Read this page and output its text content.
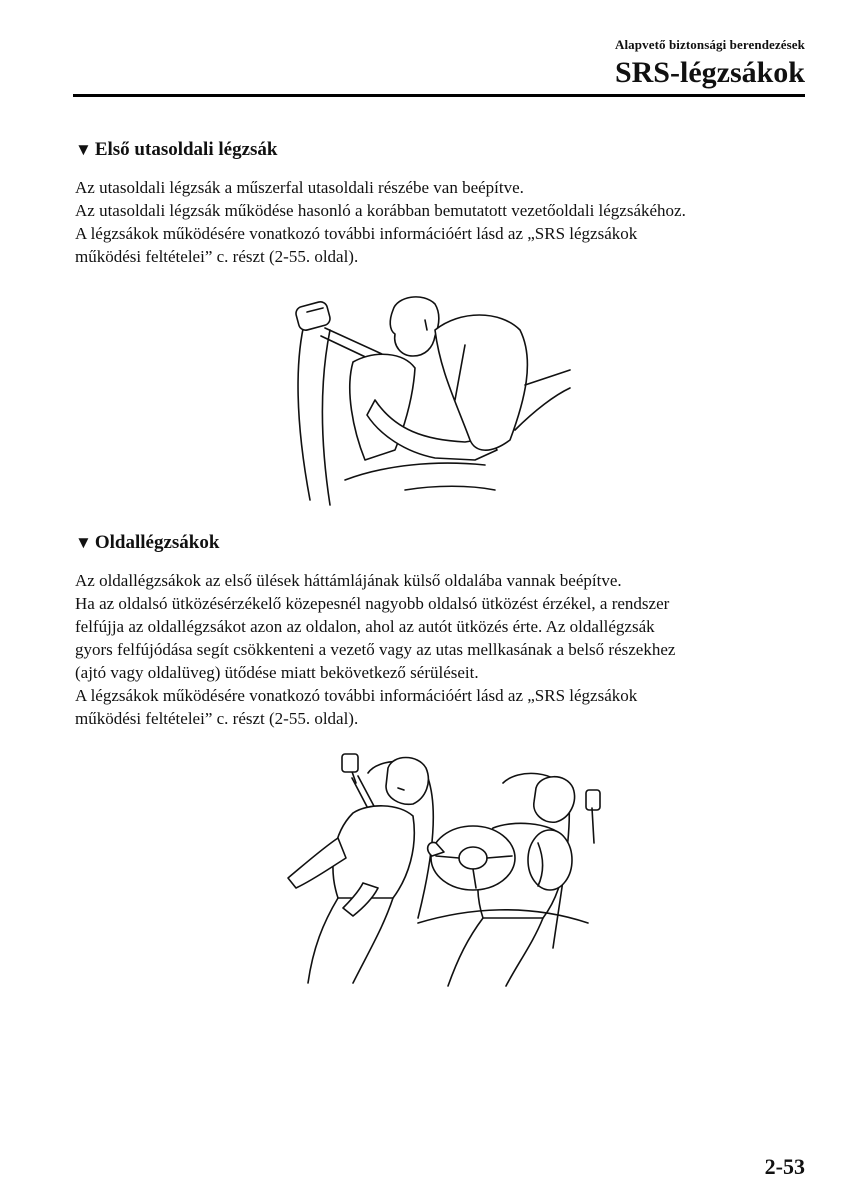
Alapvető biztonsági berendezések
SRS-légzsákok
▼ Első utasoldali légzsák
Az utasoldali légzsák a műszerfal utasoldali részébe van beépítve.
Az utasoldali légzsák működése hasonló a korábban bemutatott vezetőoldali légzsákéhoz.
A légzsákok működésére vonatkozó további információért lásd az „SRS légzsákok
működési feltételei” c. részt (2-55. oldal).
▼ Oldallégzsákok
Az oldallégzsákok az első ülések háttámlájának külső oldalába vannak beépítve.
Ha az oldalsó ütközésérzékelő közepesnél nagyobb oldalsó ütközést érzékel, a rendszer
felfújja az oldallégzsákot azon az oldalon, ahol az autót ütközés érte. Az oldallégzsák
gyors felfújódása segít csökkenteni a vezető vagy az utas mellkasának a belső részekhez
(ajtó vagy oldalüveg) ütődése miatt bekövetkező sérüléseit.
A légzsákok működésére vonatkozó további információért lásd az „SRS légzsákok
működési feltételei” c. részt (2-55. oldal).
2-53
